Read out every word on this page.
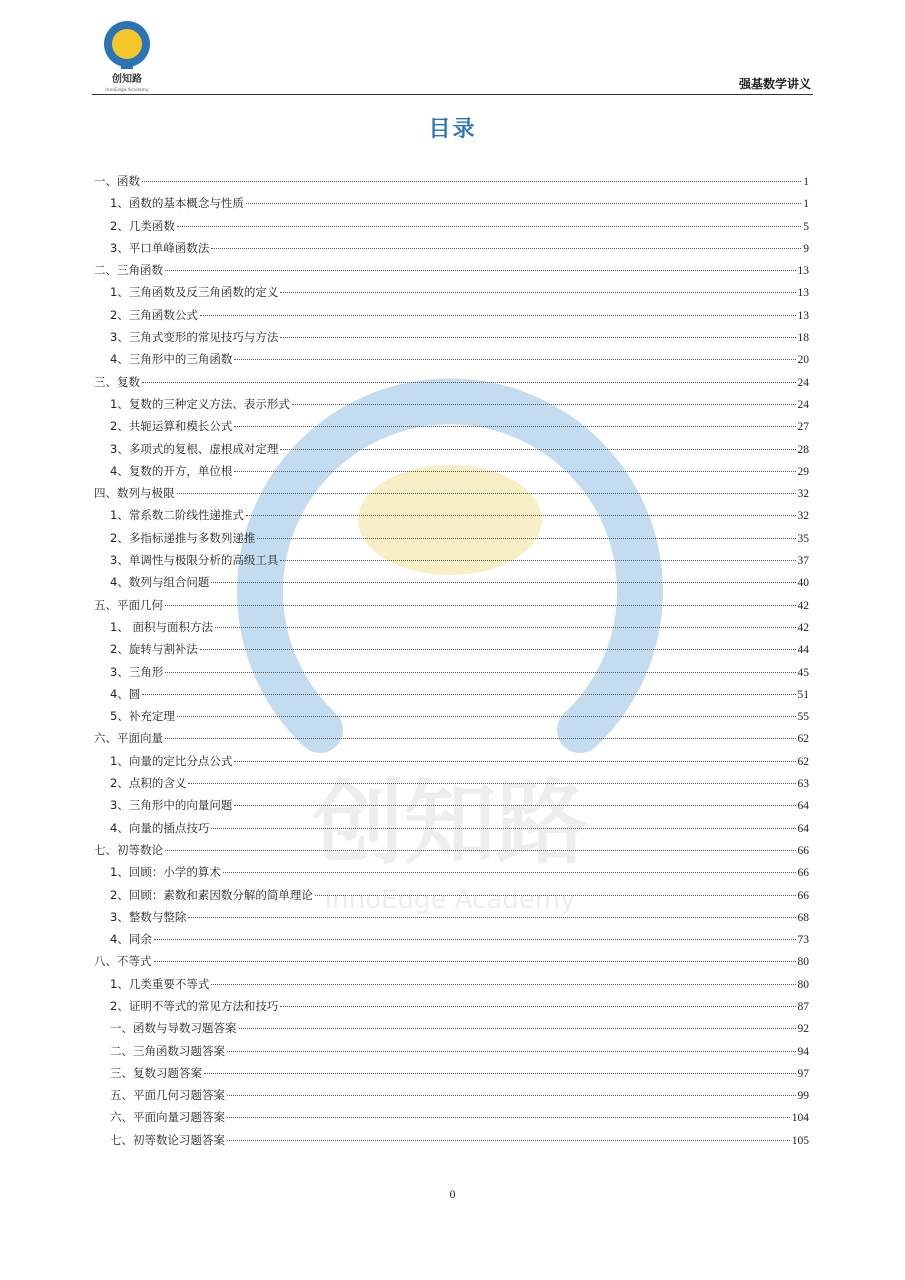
创知路
InnoEdge Academy	强基数学讲义
创知路
InnoEdge Academy
目录
一、函数	1
1、函数的基本概念与性质	1
2、几类函数	5
3、平口单峰函数法	9
二、三角函数	13
1、三角函数及反三角函数的定义	13
2、三角函数公式	13
3、三角式变形的常见技巧与方法	18
4、三角形中的三角函数	20
三、复数	24
1、复数的三种定义方法、表示形式	24
2、共轭运算和模长公式	27
3、多项式的复根、虚根成对定理	28
4、复数的开方，单位根	29
四、数列与极限	32
1、常系数二阶线性递推式	32
2、多指标递推与多数列递推	35
3、单调性与极限分析的高级工具	37
4、数列与组合问题	40
五、平面几何	42
1、 面积与面积方法	42
2、旋转与割补法	44
3、三角形	45
4、圆	51
5、补充定理	55
六、平面向量	62
1、向量的定比分点公式	62
2、点积的含义	63
3、三角形中的向量问题	64
4、向量的插点技巧	64
七、初等数论	66
1、回顾：小学的算术	66
2、回顾：素数和素因数分解的简单理论	66
3、整数与整除	68
4、同余	73
八、不等式	80
1、几类重要不等式	80
2、证明不等式的常见方法和技巧	87
一、函数与导数习题答案	92
二、三角函数习题答案	94
三、复数习题答案	97
五、平面几何习题答案	99
六、平面向量习题答案	104
七、初等数论习题答案	105
0
